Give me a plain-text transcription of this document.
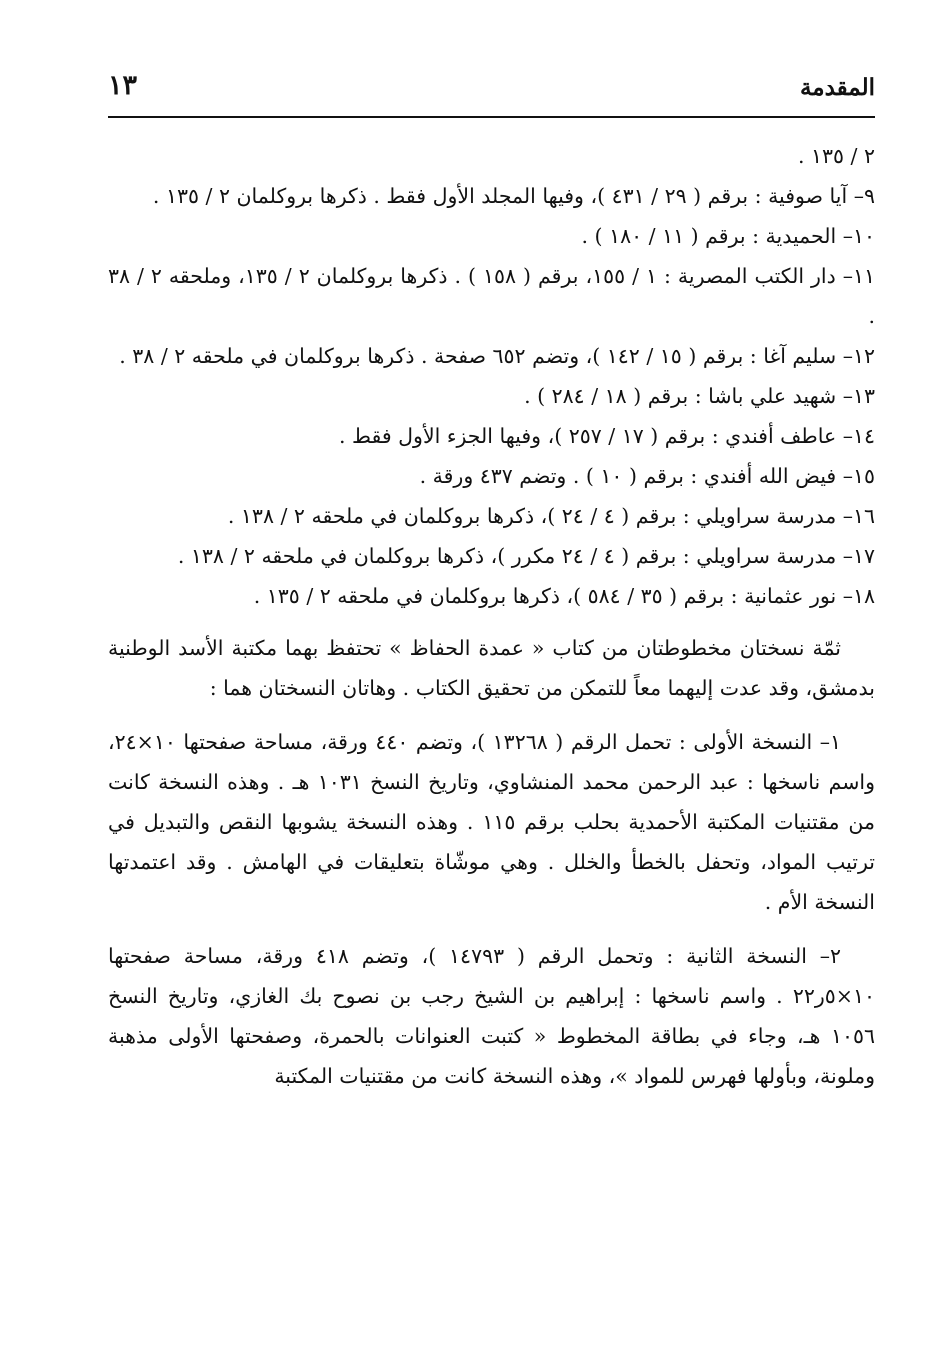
المقدمة
١٣

٢ / ١٣٥ .

٩– آيا صوفية : برقم ( ٢٩ / ٤٣١ )، وفيها المجلد الأول فقط . ذكرها بروكلمان ٢ / ١٣٥ .

١٠– الحميدية : برقم ( ١١ / ١٨٠ ) .

١١– دار الكتب المصرية : ١ / ١٥٥، برقم ( ١٥٨ ) . ذكرها بروكلمان ٢ / ١٣٥، وملحقه ٢ / ٣٨ .

١٢– سليم آغا : برقم ( ١٥ / ١٤٢ )، وتضم ٦٥٢ صفحة . ذكرها بروكلمان في ملحقه ٢ / ٣٨ .

١٣– شهيد علي باشا : برقم ( ١٨ / ٢٨٤ ) .

١٤– عاطف أفندي : برقم ( ١٧ / ٢٥٧ )، وفيها الجزء الأول فقط .

١٥– فيض الله أفندي : برقم ( ١٠ ) . وتضم ٤٣٧ ورقة .

١٦– مدرسة سراويلي : برقم ( ٤ / ٢٤ )، ذكرها بروكلمان في ملحقه ٢ / ١٣٨ .

١٧– مدرسة سراويلي : برقم ( ٤ / ٢٤ مكرر )، ذكرها بروكلمان في ملحقه ٢ / ١٣٨ .

١٨– نور عثمانية : برقم ( ٣٥ / ٥٨٤ )، ذكرها بروكلمان في ملحقه ٢ / ١٣٥ .

ثمّة نسختان مخطوطتان من كتاب « عمدة الحفاظ » تحتفظ بهما مكتبة الأسد الوطنية بدمشق، وقد عدت إليهما معاً للتمكن من تحقيق الكتاب . وهاتان النسختان هما :

١– النسخة الأولى : تحمل الرقم ( ١٣٢٦٨ )، وتضم ٤٤٠ ورقة، مساحة صفحتها ١٠×٢٤، واسم ناسخها : عبد الرحمن محمد المنشاوي، وتاريخ النسخ ١٠٣١ هـ . وهذه النسخة كانت من مقتنيات المكتبة الأحمدية بحلب برقم ١١٥ . وهذه النسخة يشوبها النقص والتبديل في ترتيب المواد، وتحفل بالخطأ والخلل . وهي موشّاة بتعليقات في الهامش . وقد اعتمدتها النسخة الأم .

٢– النسخة الثانية : وتحمل الرقم ( ١٤٧٩٣ )، وتضم ٤١٨ ورقة، مساحة صفحتها ١٠×٥ر٢٢ . واسم ناسخها : إبراهيم بن الشيخ رجب بن نصوح بك الغازي، وتاريخ النسخ ١٠٥٦ هـ، وجاء في بطاقة المخطوط « كتبت العنوانات بالحمرة، وصفحتها الأولى مذهبة وملونة، وبأولها فهرس للمواد »، وهذه النسخة كانت من مقتنيات المكتبة
